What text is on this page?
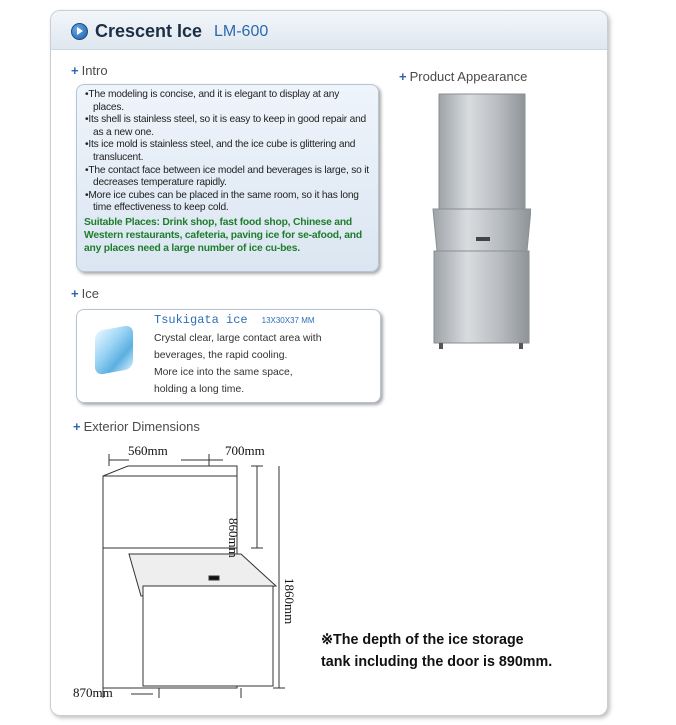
Crescent Ice LM-600
+ Intro	+ Product Appearance

•The modeling is concise, and it is elegant to display at any places.

•Its shell is stainless steel, so it is easy to keep in good repair and as a new one.

•Its ice mold is stainless steel, and the ice cube is glittering and translucent.

•The contact face between ice model and beverages is large, so it decreases temperature rapidly.

•More ice cubes can be placed in the same room, so it has long time effectiveness to keep cold.

Suitable Places: Drink shop, fast food shop, Chinese and Western restaurants, cafeteria, paving ice for se-afood, and any places need a large number of ice cu-bes.
+ Ice
Tsukigata ice 13X30X37 MM
Crystal clear, large contact area with
beverages, the rapid cooling.
More ice into the same space,
holding a long time.
+ Exterior Dimensions
560mm	700mm
860mm
1860mm
870mm
※The depth of the ice storage
tank including the door is 890mm.
